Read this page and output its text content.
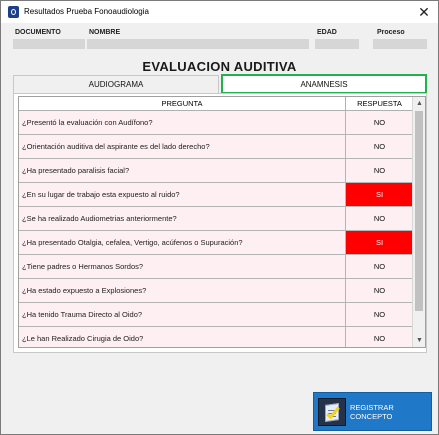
Resultados Prueba Fonoaudiologia	✕
DOCUMENTO	NOMBRE	EDAD	Proceso
EVALUACION AUDITIVA
AUDIOGRAMA	ANAMNESIS
PREGUNTA	RESPUESTA
¿Presentó la evaluación con Audífono?	NO
¿Orientación auditiva del aspirante es del lado derecho?	NO
¿Ha presentado paralisis facial?	NO
¿En su lugar de trabajo esta expuesto al ruido?	SI
¿Se ha realizado Audiometrias anteriormente?	NO
¿Ha presentado Otalgia, cefalea, Vertigo, acúfenos o Supuración?	SI
¿Tiene padres o Hermanos Sordos?	NO
¿Ha estado expuesto a Explosiones?	NO
¿Ha tenido Trauma Directo al Oido?	NO
¿Le han Realizado Cirugia de Oido?	NO
▲
▼
REGISTRAR CONCEPTO
